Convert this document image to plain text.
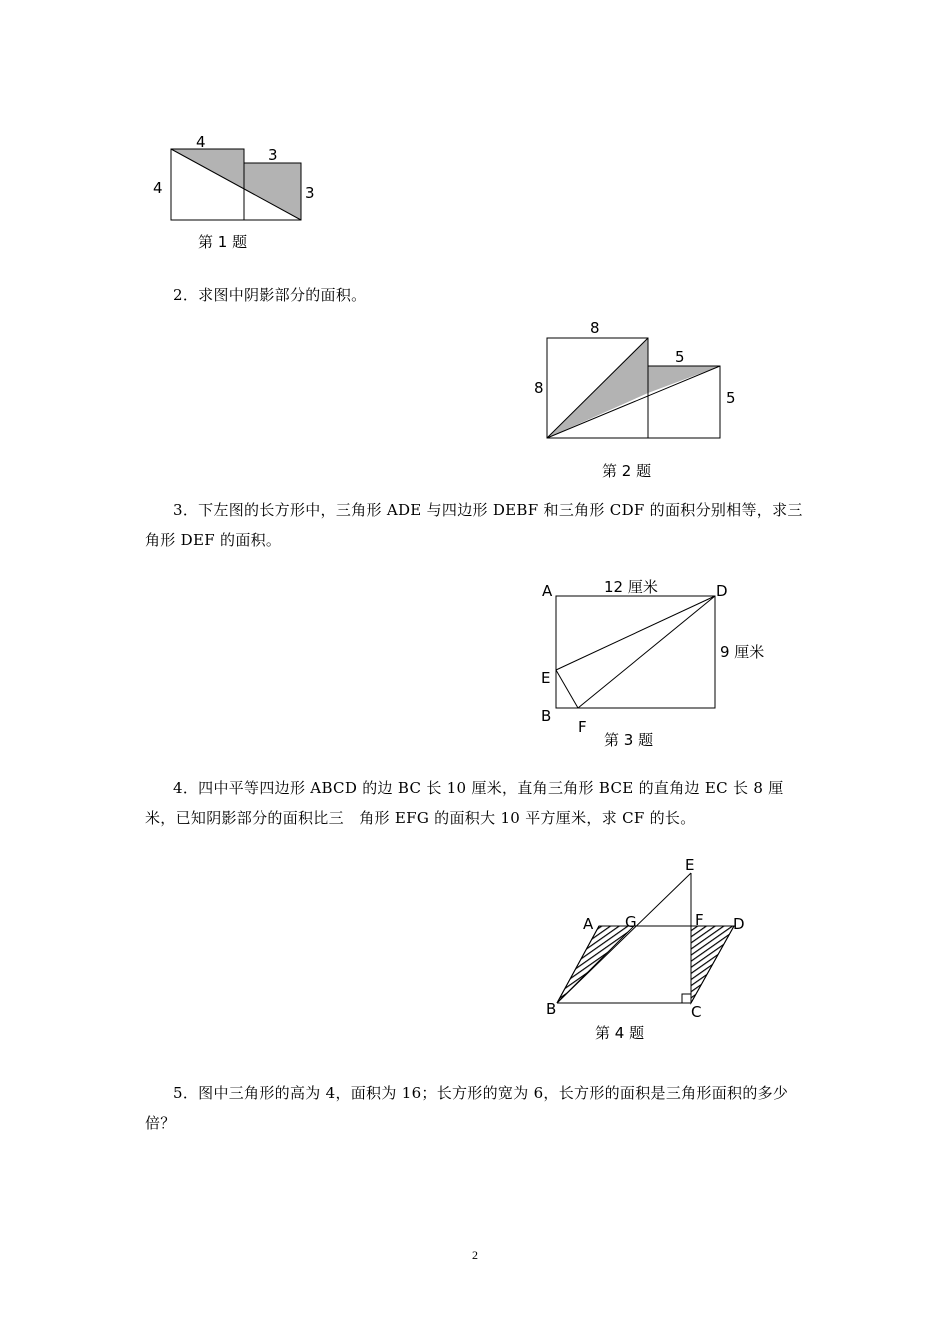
4
3
4	3
第 1 题

2．求图中阴影部分的面积。

8
5
8
5
第 2 题

3．下左图的长方形中，三角形 ADE 与四边形 DEBF 和三角形 CDF 的面积分别相等，求三角形 DEF 的面积。

A	D
E
B
F
12 厘米
9 厘米
第 3 题

4．四中平等四边形 ABCD 的边 BC 长 10 厘米，直角三角形 BCE 的直角边 EC 长 8 厘米，已知阴影部分的面积比三　角形 EFG 的面积大 10 平方厘米，求 CF 的长。

E
A G	F D
B	C
第 4 题

5．图中三角形的高为 4，面积为 16；长方形的宽为 6，长方形的面积是三角形面积的多少倍？

2
